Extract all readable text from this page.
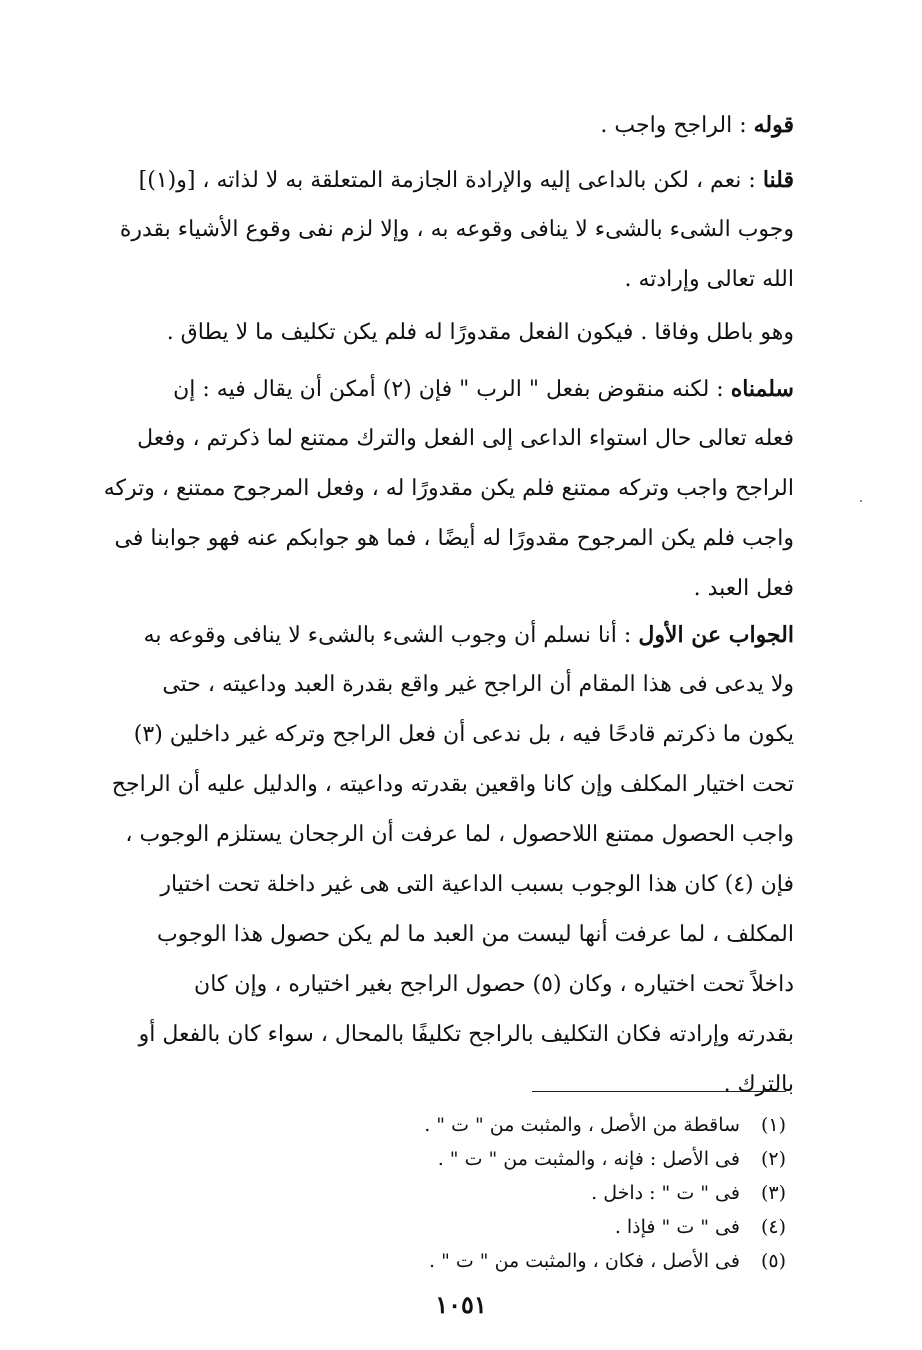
قوله : الراجح واجب .
قلنا : نعم ، لكن بالداعى إليه والإرادة الجازمة المتعلقة به لا لذاته ، [و(١)]
وجوب الشىء بالشىء لا ينافى وقوعه به ، وإلا لزم نفى وقوع الأشياء بقدرة
الله تعالى وإرادته .
وهو باطل وفاقا . فيكون الفعل مقدورًا له فلم يكن تكليف ما لا يطاق .
سلمناه : لكنه منقوض بفعل " الرب " فإن (٢) أمكن أن يقال فيه : إن
فعله تعالى حال استواء الداعى إلى الفعل والترك ممتنع لما ذكرتم ، وفعل
الراجح واجب وتركه ممتنع فلم يكن مقدورًا له ، وفعل المرجوح ممتنع ، وتركه
واجب فلم يكن المرجوح مقدورًا له أيضًا ، فما هو جوابكم عنه فهو جوابنا فى
فعل العبد .
الجواب عن الأول : أنا نسلم أن وجوب الشىء بالشىء لا ينافى وقوعه به
ولا يدعى فى هذا المقام أن الراجح غير واقع بقدرة العبد وداعيته ، حتى
يكون ما ذكرتم قادحًا فيه ، بل ندعى أن فعل الراجح وتركه غير داخلين (٣)
تحت اختيار المكلف وإن كانا واقعين بقدرته وداعيته ، والدليل عليه أن الراجح
واجب الحصول ممتنع اللاحصول ، لما عرفت أن الرجحان يستلزم الوجوب ،
فإن (٤) كان هذا الوجوب بسبب الداعية التى هى غير داخلة تحت اختيار
المكلف ، لما عرفت أنها ليست من العبد ما لم يكن حصول هذا الوجوب
داخلاً تحت اختياره ، وكان (٥) حصول الراجح بغير اختياره ، وإن كان
بقدرته وإرادته فكان التكليف بالراجح تكليفًا بالمحال ، سواء كان بالفعل أو
بالترك .
(١) ساقطة من الأصل ، والمثبت من " ت " .
(٢) فى الأصل : فإنه ، والمثبت من " ت " .
(٣) فى " ت " : داخل .
(٤) فى " ت " فإذا .
(٥) فى الأصل ، فكان ، والمثبت من " ت " .
١٠٥١
